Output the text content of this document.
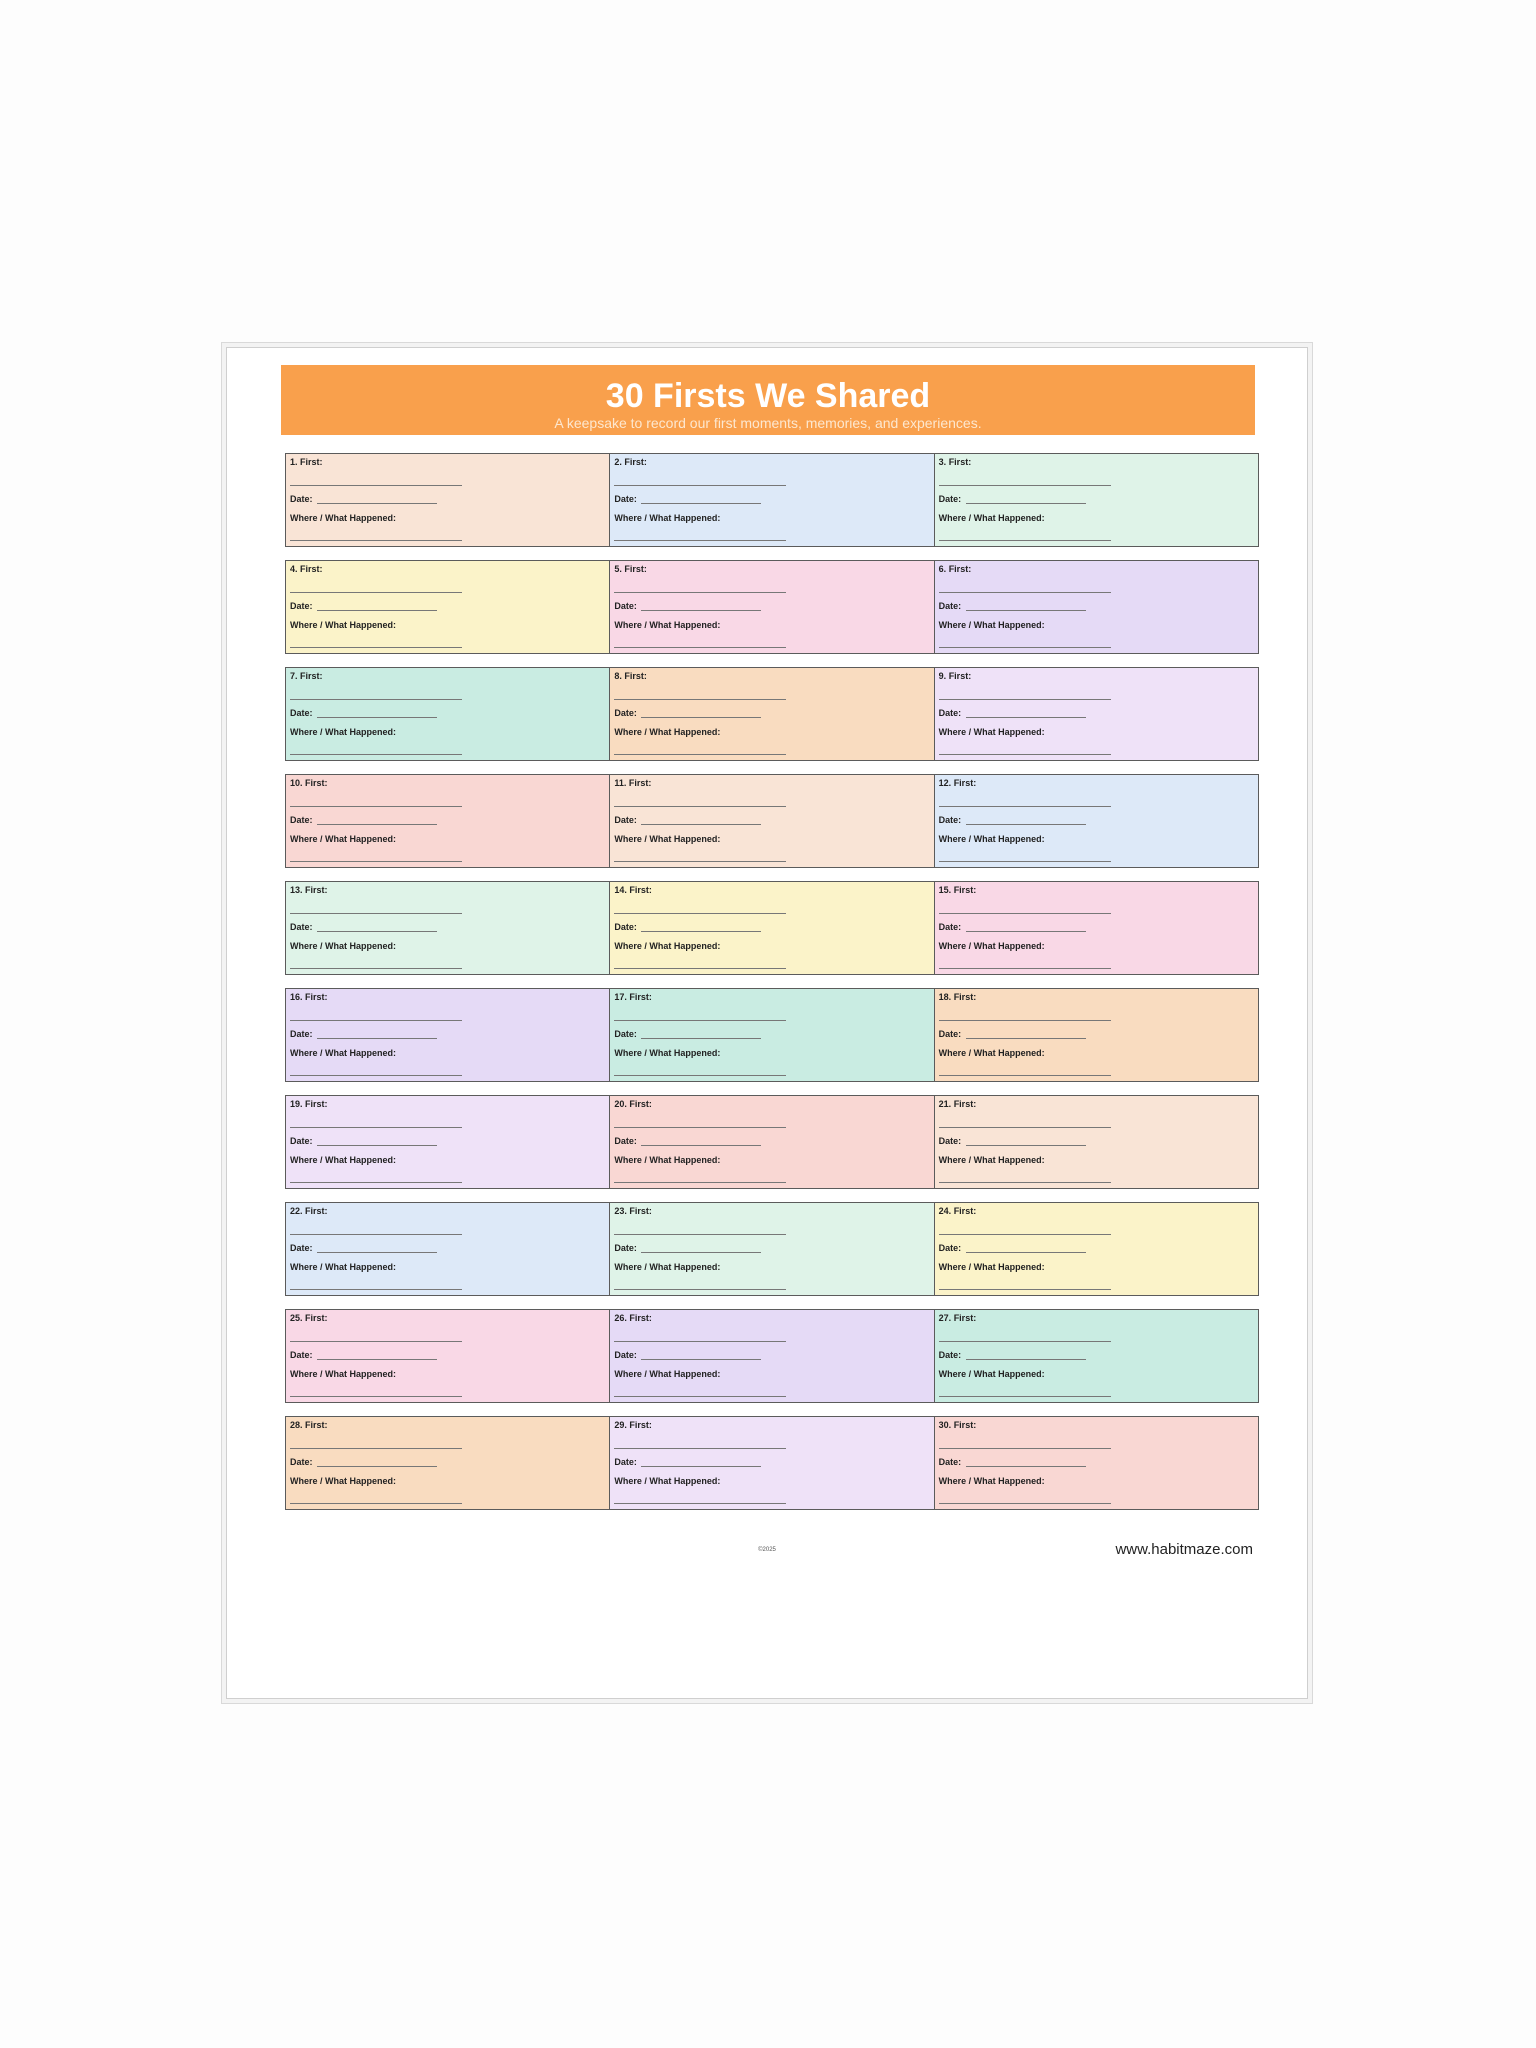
30 Firsts We Shared
A keepsake to record our first moments, memories, and experiences.
1. First:
Date:
Where / What Happened:
2. First:
Date:
Where / What Happened:
3. First:
Date:
Where / What Happened:
4. First:
Date:
Where / What Happened:
5. First:
Date:
Where / What Happened:
6. First:
Date:
Where / What Happened:
7. First:
Date:
Where / What Happened:
8. First:
Date:
Where / What Happened:
9. First:
Date:
Where / What Happened:
10. First:
Date:
Where / What Happened:
11. First:
Date:
Where / What Happened:
12. First:
Date:
Where / What Happened:
13. First:
Date:
Where / What Happened:
14. First:
Date:
Where / What Happened:
15. First:
Date:
Where / What Happened:
16. First:
Date:
Where / What Happened:
17. First:
Date:
Where / What Happened:
18. First:
Date:
Where / What Happened:
19. First:
Date:
Where / What Happened:
20. First:
Date:
Where / What Happened:
21. First:
Date:
Where / What Happened:
22. First:
Date:
Where / What Happened:
23. First:
Date:
Where / What Happened:
24. First:
Date:
Where / What Happened:
25. First:
Date:
Where / What Happened:
26. First:
Date:
Where / What Happened:
27. First:
Date:
Where / What Happened:
28. First:
Date:
Where / What Happened:
29. First:
Date:
Where / What Happened:
30. First:
Date:
Where / What Happened:
©2025	www.habitmaze.com
